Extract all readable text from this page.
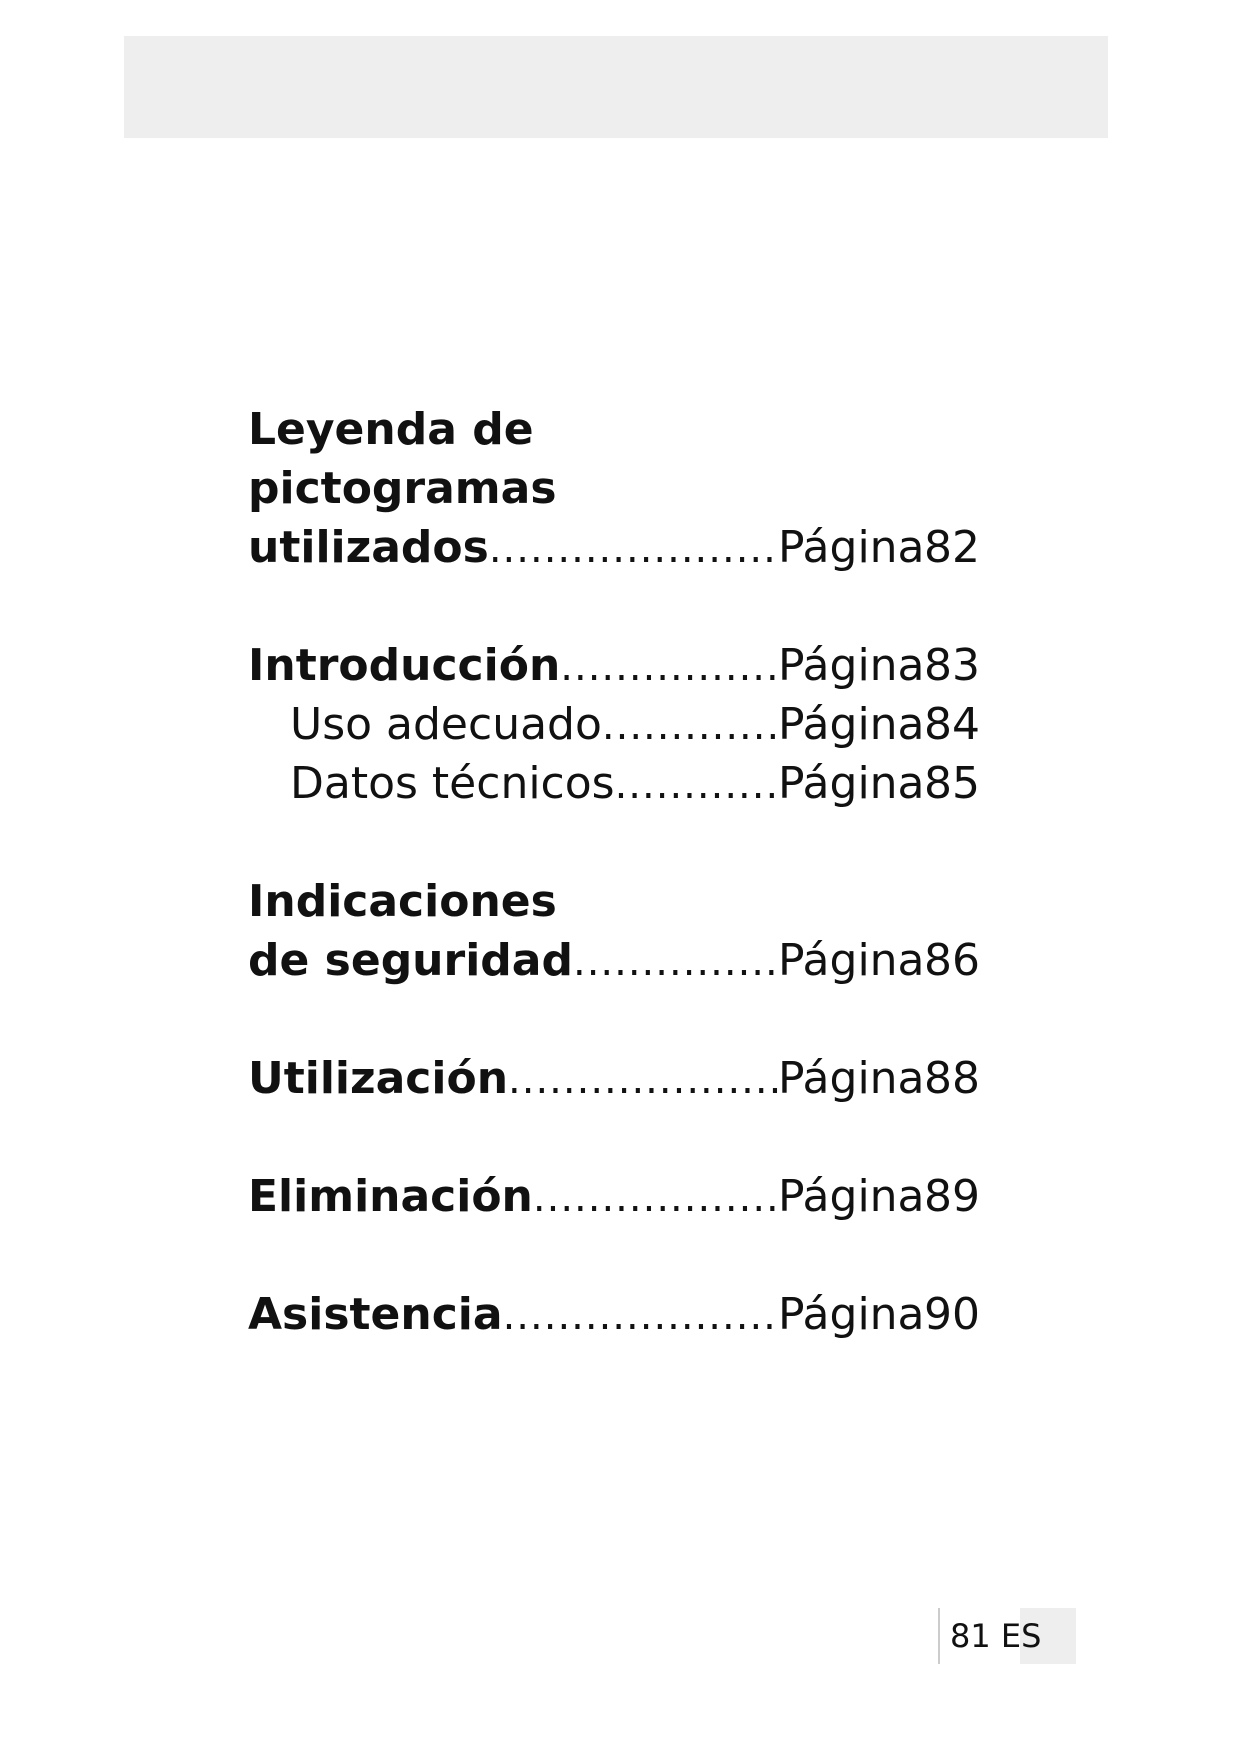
Leyenda de
pictogramas
utilizados .....	Página 82
Introducción .....	Página 83
Uso adecuado .....	Página 84
Datos técnicos .....	Página 85
Indicaciones
de seguridad .....	Página 86
Utilización .....	Página 88
Eliminación .....	Página 89
Asistencia .....	Página 90
81 ES
